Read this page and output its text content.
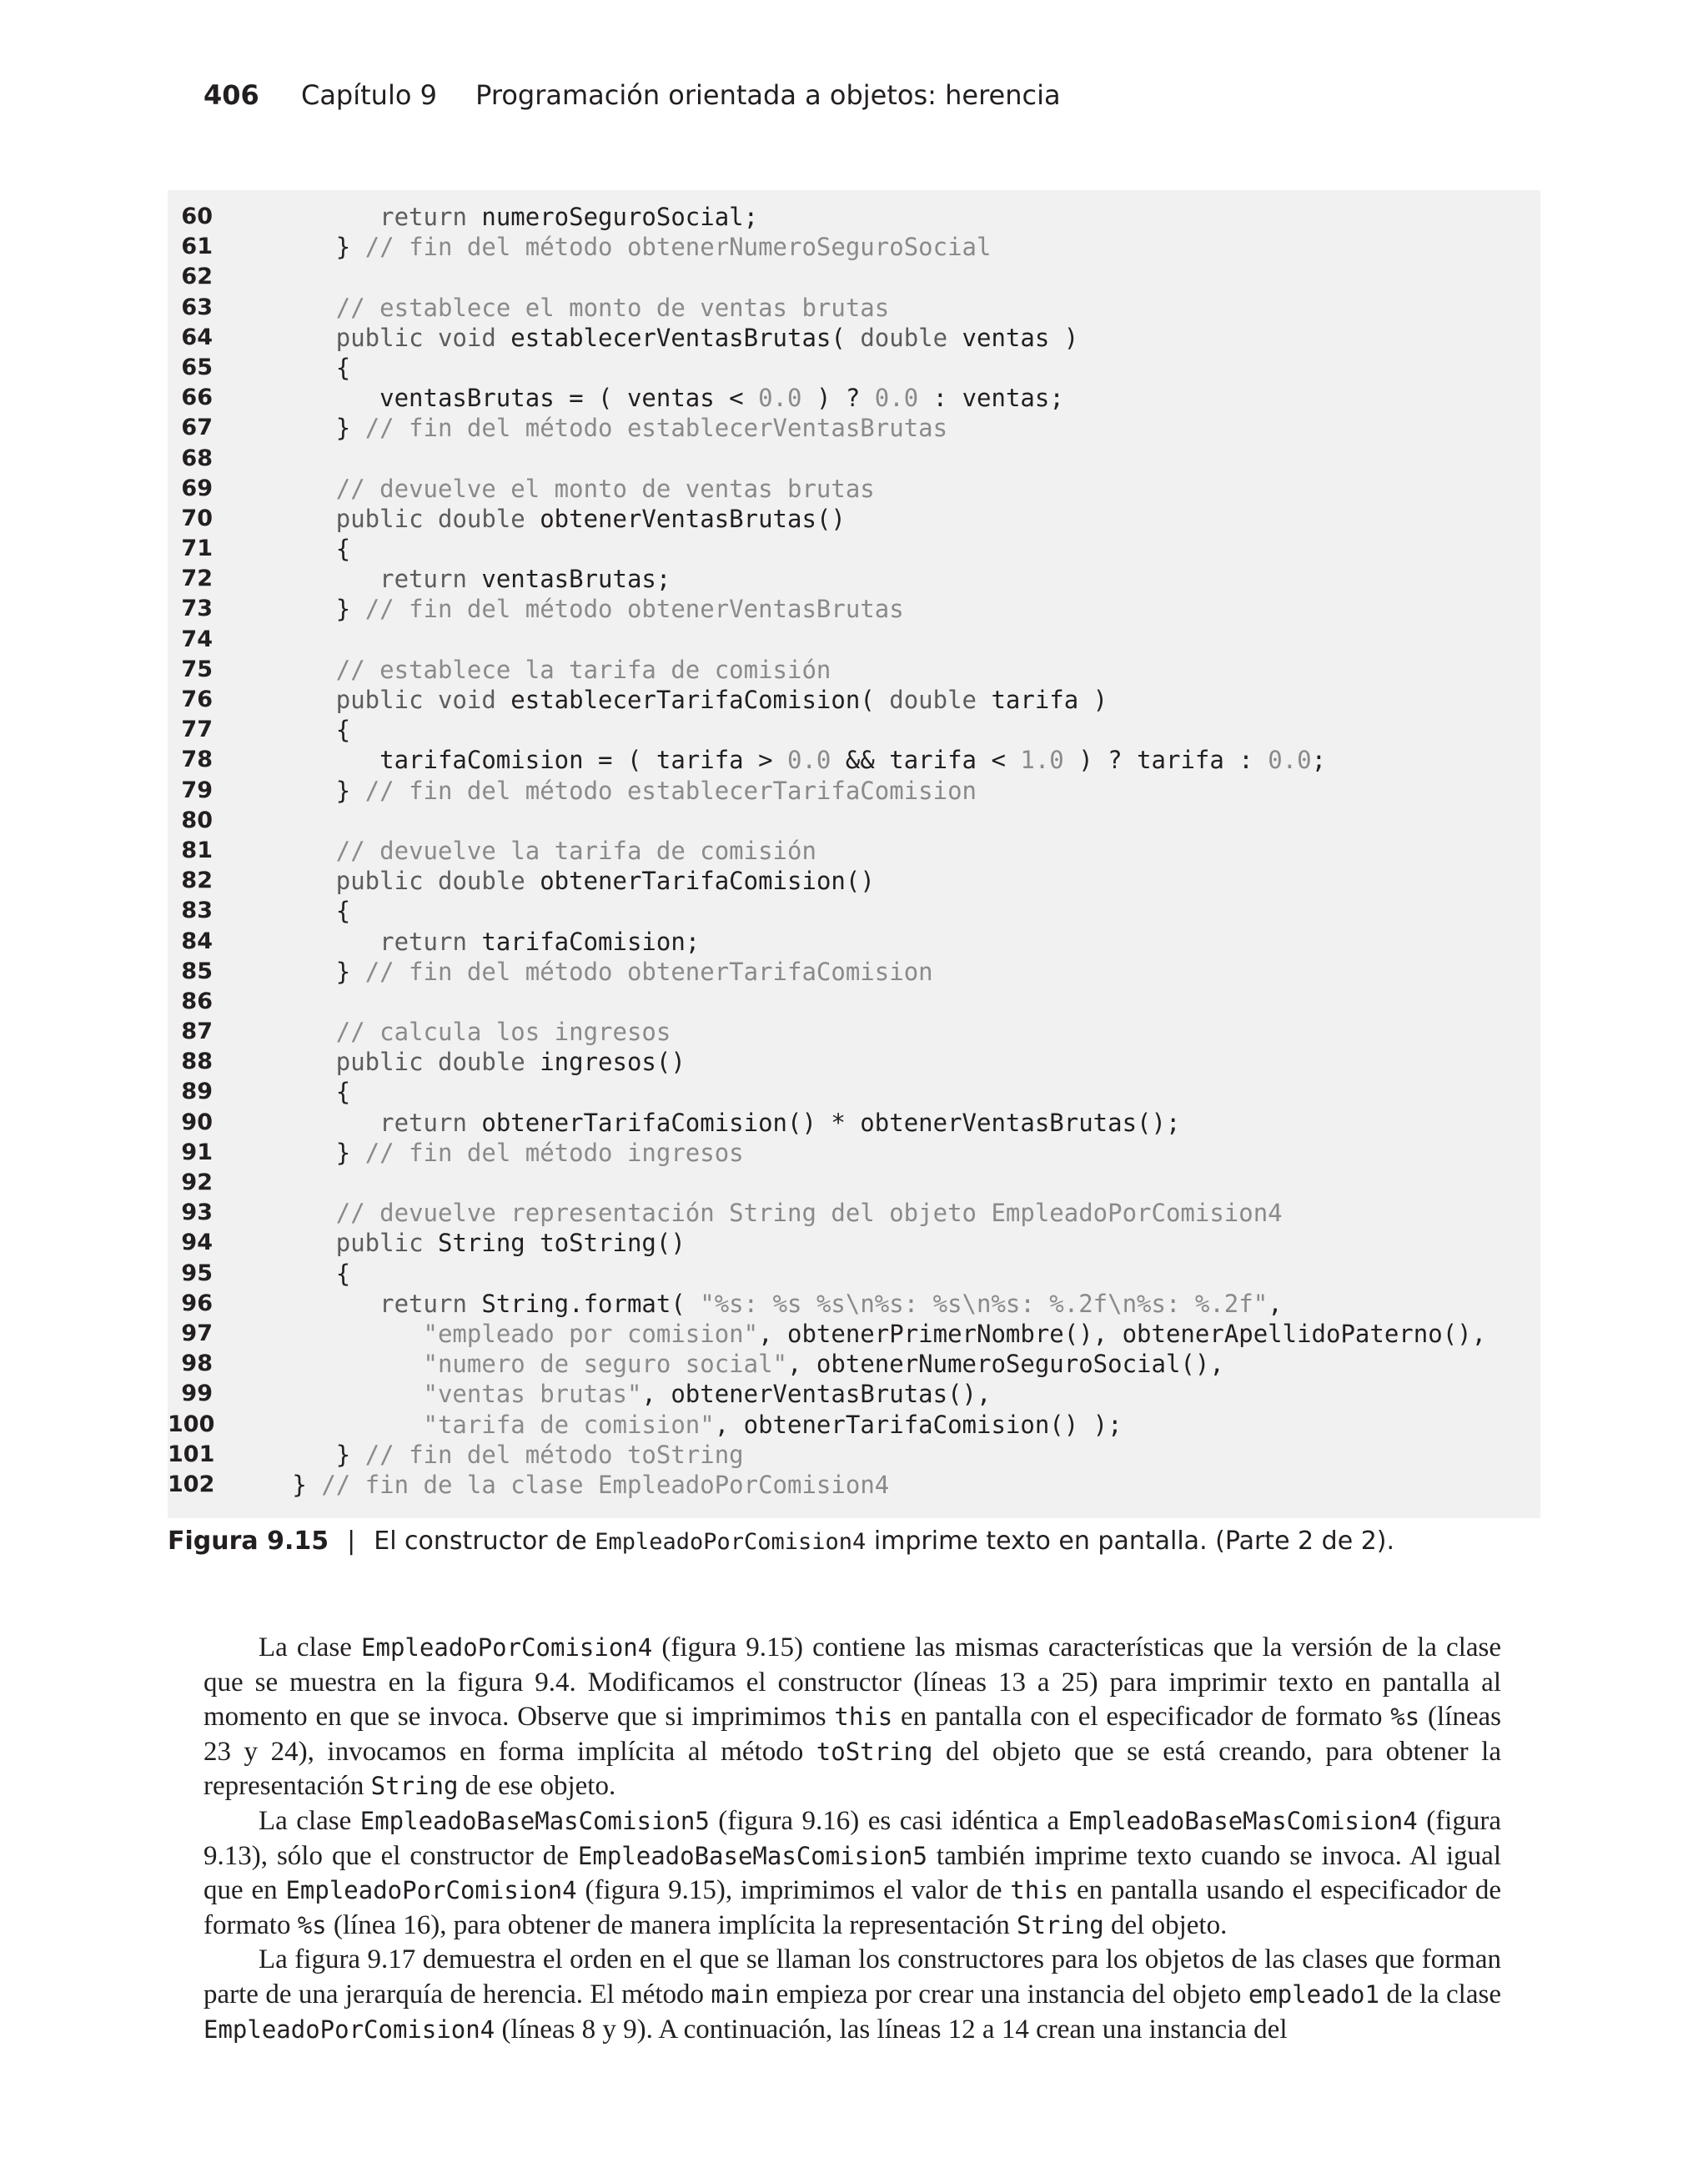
406 Capítulo 9 Programación orientada a objetos: herencia
60	return numeroSeguroSocial;
61 } // fin del método obtenerNumeroSeguroSocial
62
63	// establece el monto de ventas brutas
64	public void establecerVentasBrutas( double ventas )
65 {
66 ventasBrutas = ( ventas < 0.0 ) ? 0.0 : ventas;
67 } // fin del método establecerVentasBrutas
68
69	// devuelve el monto de ventas brutas
70	public double obtenerVentasBrutas()
71 {
72	return ventasBrutas;
73 } // fin del método obtenerVentasBrutas
74
75	// establece la tarifa de comisión
76	public void establecerTarifaComision( double tarifa )
77 {
78 tarifaComision = ( tarifa > 0.0 && tarifa < 1.0 ) ? tarifa : 0.0;
79 } // fin del método establecerTarifaComision
80
81	// devuelve la tarifa de comisión
82	public double obtenerTarifaComision()
83 {
84	return tarifaComision;
85 } // fin del método obtenerTarifaComision
86
87	// calcula los ingresos
88	public double ingresos()
89 {
90	return obtenerTarifaComision() * obtenerVentasBrutas();
91 } // fin del método ingresos
92
93	// devuelve representación String del objeto EmpleadoPorComision4
94	public String toString()
95 {
96	return String.format( "%s: %s %s\n%s: %s\n%s: %.2f\n%s: %.2f",
97	"empleado por comision", obtenerPrimerNombre(), obtenerApellidoPaterno(),
98	"numero de seguro social", obtenerNumeroSeguroSocial(),
99	"ventas brutas", obtenerVentasBrutas(),
100	"tarifa de comision", obtenerTarifaComision() );
101 } // fin del método toString
102 } // fin de la clase EmpleadoPorComision4
Figura 9.15 | El constructor de EmpleadoPorComision4 imprime texto en pantalla. (Parte 2 de 2).

La clase EmpleadoPorComision4 (figura 9.15) contiene las mismas características que la versión de la clase que se muestra en la figura 9.4. Modificamos el constructor (líneas 13 a 25) para imprimir texto en pantalla al momento en que se invoca. Observe que si imprimimos this en pantalla con el especificador de formato %s (líneas 23 y 24), invocamos en forma implícita al método toString del objeto que se está creando, para obtener la representación String de ese objeto.

La clase EmpleadoBaseMasComision5 (figura 9.16) es casi idéntica a EmpleadoBaseMasComision4 (figura 9.13), sólo que el constructor de EmpleadoBaseMasComision5 también imprime texto cuando se invoca. Al igual que en EmpleadoPorComision4 (figura 9.15), imprimimos el valor de this en pantalla usando el especificador de formato %s (línea 16), para obtener de manera implícita la representación String del objeto.

La figura 9.17 demuestra el orden en el que se llaman los constructores para los objetos de las clases que forman parte de una jerarquía de herencia. El método main empieza por crear una instancia del objeto empleado1 de la clase EmpleadoPorComision4 (líneas 8 y 9). A continuación, las líneas 12 a 14 crean una instancia del
